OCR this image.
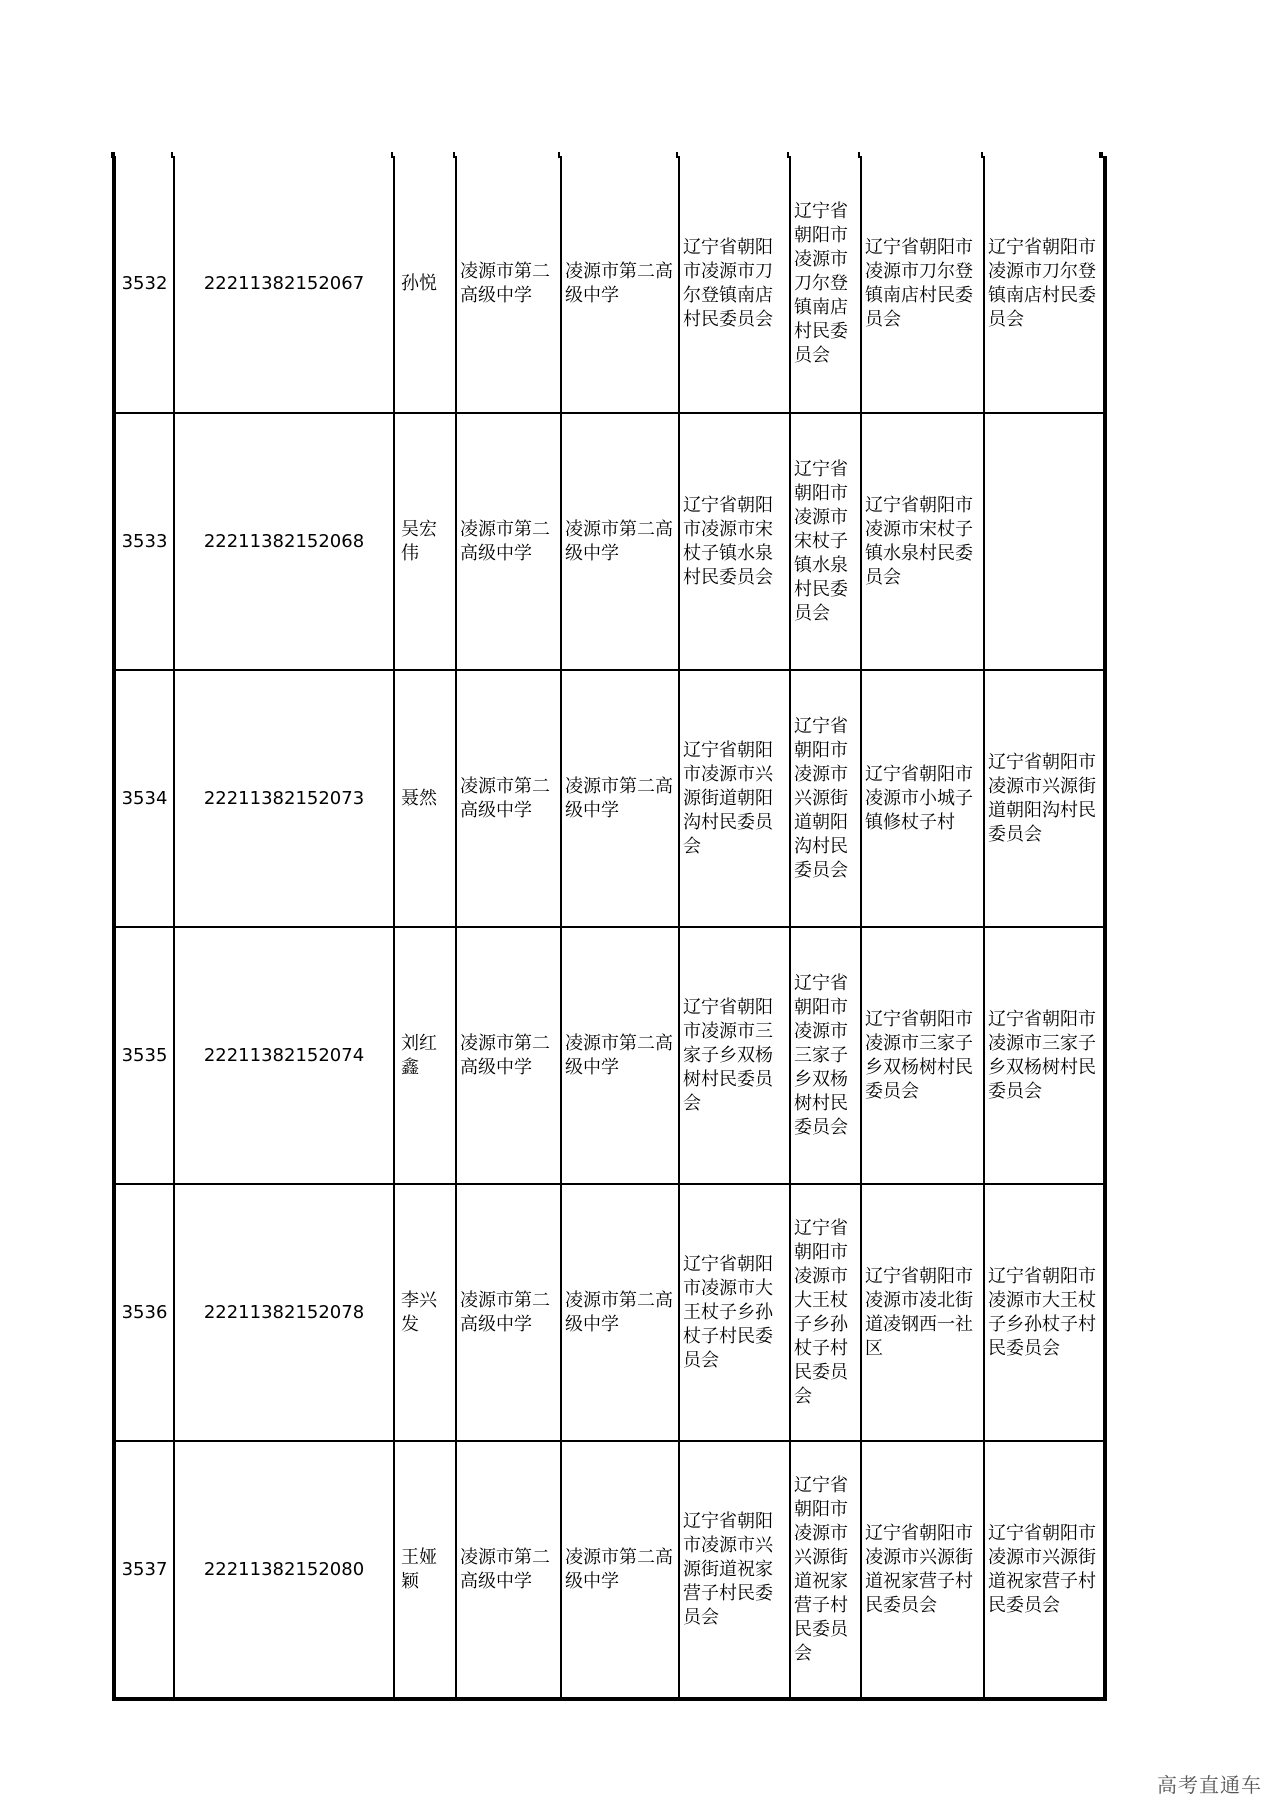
3532	22211382152067	孙悦	凌源市第二高级中学	凌源市第二高级中学	辽宁省朝阳市凌源市刀尔登镇南店村民委员会	辽宁省朝阳市凌源市刀尔登镇南店村民委员会	辽宁省朝阳市凌源市刀尔登镇南店村民委员会	辽宁省朝阳市凌源市刀尔登镇南店村民委员会
3533	22211382152068	吴宏伟	凌源市第二高级中学	凌源市第二高级中学	辽宁省朝阳市凌源市宋杖子镇水泉村民委员会	辽宁省朝阳市凌源市宋杖子镇水泉村民委员会	辽宁省朝阳市凌源市宋杖子镇水泉村民委员会	
3534	22211382152073	聂然	凌源市第二高级中学	凌源市第二高级中学	辽宁省朝阳市凌源市兴源街道朝阳沟村民委员会	辽宁省朝阳市凌源市兴源街道朝阳沟村民委员会	辽宁省朝阳市凌源市小城子镇修杖子村	辽宁省朝阳市凌源市兴源街道朝阳沟村民委员会
3535	22211382152074	刘红鑫	凌源市第二高级中学	凌源市第二高级中学	辽宁省朝阳市凌源市三家子乡双杨树村民委员会	辽宁省朝阳市凌源市三家子乡双杨树村民委员会	辽宁省朝阳市凌源市三家子乡双杨树村民委员会	辽宁省朝阳市凌源市三家子乡双杨树村民委员会
3536	22211382152078	李兴发	凌源市第二高级中学	凌源市第二高级中学	辽宁省朝阳市凌源市大王杖子乡孙杖子村民委员会	辽宁省朝阳市凌源市大王杖子乡孙杖子村民委员会	辽宁省朝阳市凌源市凌北街道凌钢西一社区	辽宁省朝阳市凌源市大王杖子乡孙杖子村民委员会
3537	22211382152080	王娅颖	凌源市第二高级中学	凌源市第二高级中学	辽宁省朝阳市凌源市兴源街道祝家营子村民委员会	辽宁省朝阳市凌源市兴源街道祝家营子村民委员会	辽宁省朝阳市凌源市兴源街道祝家营子村民委员会	辽宁省朝阳市凌源市兴源街道祝家营子村民委员会
高考直通车
